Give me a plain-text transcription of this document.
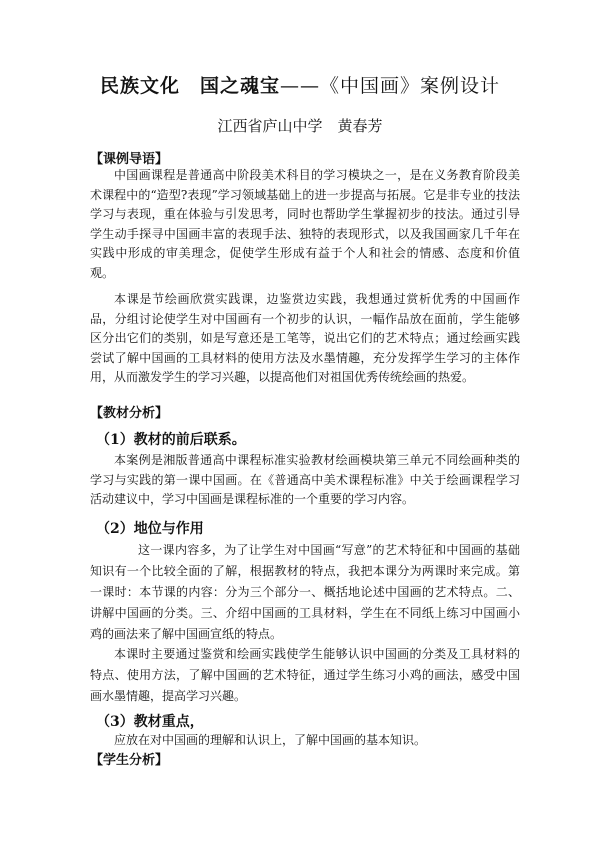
民族文化　国之魂宝——《中国画》案例设计
江西省庐山中学　黄春芳
【课例导语】

中国画课程是普通高中阶段美术科目的学习模块之一，是在义务教育阶段美术课程中的“造型?表现”学习领域基础上的进一步提高与拓展。它是非专业的技法学习与表现，重在体验与引发思考，同时也帮助学生掌握初步的技法。通过引导学生动手探寻中国画丰富的表现手法、独特的表现形式，以及我国画家几千年在实践中形成的审美理念，促使学生形成有益于个人和社会的情感、态度和价值观。

本课是节绘画欣赏实践课，边鉴赏边实践，我想通过赏析优秀的中国画作品，分组讨论使学生对中国画有一个初步的认识，一幅作品放在面前，学生能够区分出它们的类别，如是写意还是工笔等，说出它们的艺术特点；通过绘画实践尝试了解中国画的工具材料的使用方法及水墨情趣，充分发挥学生学习的主体作用，从而激发学生的学习兴趣，以提高他们对祖国优秀传统绘画的热爱。

【教材分析】
（1）教材的前后联系。

本案例是湘版普通高中课程标准实验教材绘画模块第三单元不同绘画种类的学习与实践的第一课中国画。在《普通高中美术课程标准》中关于绘画课程学习活动建议中，学习中国画是课程标准的一个重要的学习内容。

（2）地位与作用

这一课内容多，为了让学生对中国画“写意”的艺术特征和中国画的基础知识有一个比较全面的了解，根据教材的特点，我把本课分为两课时来完成。第一课时：本节课的内容：分为三个部分一、概括地论述中国画的艺术特点。二、讲解中国画的分类。三、介绍中国画的工具材料，学生在不同纸上练习中国画小鸡的画法来了解中国画宣纸的特点。

本课时主要通过鉴赏和绘画实践使学生能够认识中国画的分类及工具材料的特点、使用方法，了解中国画的艺术特征，通过学生练习小鸡的画法，感受中国画水墨情趣，提高学习兴趣。

（3）教材重点，

应放在对中国画的理解和认识上，了解中国画的基本知识。

【学生分析】
